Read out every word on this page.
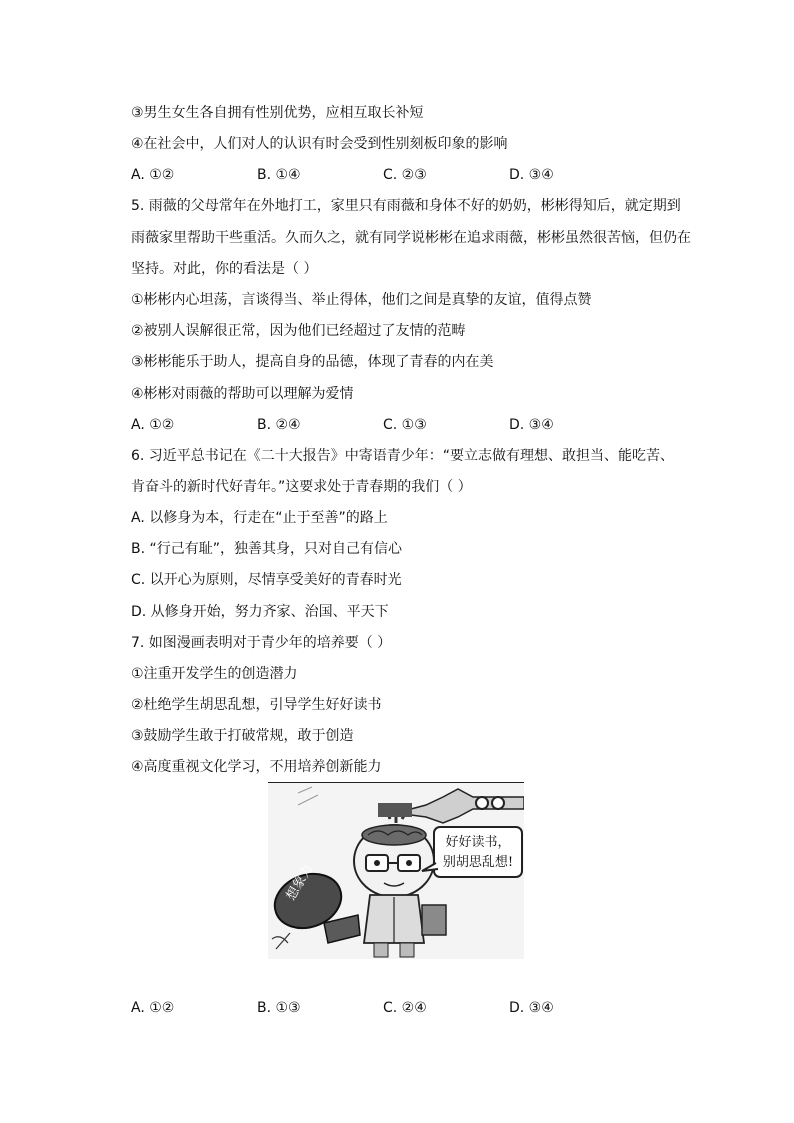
③男生女生各自拥有性别优势，应相互取长补短
④在社会中，人们对人的认识有时会受到性别刻板印象的影响
A. ①②	B. ①④	C. ②③	D. ③④
5. 雨薇的父母常年在外地打工，家里只有雨薇和身体不好的奶奶，彬彬得知后，就定期到
雨薇家里帮助干些重活。久而久之，就有同学说彬彬在追求雨薇，彬彬虽然很苦恼，但仍在
坚持。对此，你的看法是（ ）
①彬彬内心坦荡，言谈得当、举止得体，他们之间是真挚的友谊，值得点赞
②被别人误解很正常，因为他们已经超过了友情的范畴
③彬彬能乐于助人，提高自身的品德，体现了青春的内在美
④彬彬对雨薇的帮助可以理解为爱情
A. ①②	B. ②④	C. ①③	D. ③④
6. 习近平总书记在《二十大报告》中寄语青少年：“要立志做有理想、敢担当、能吃苦、
肯奋斗的新时代好青年。”这要求处于青春期的我们（ ）
A. 以修身为本，行走在“止于至善”的路上
B. “行己有耻”，独善其身，只对自己有信心
C. 以开心为原则，尽情享受美好的青春时光
D. 从修身开始，努力齐家、治国、平天下
7. 如图漫画表明对于青少年的培养要（ ）
①注重开发学生的创造潜力
②杜绝学生胡思乱想，引导学生好好读书
③鼓励学生敢于打破常规，敢于创造
④高度重视文化学习，不用培养创新能力
好好读书，
别胡思乱想!
想象力
A. ①②	B. ①③	C. ②④	D. ③④
